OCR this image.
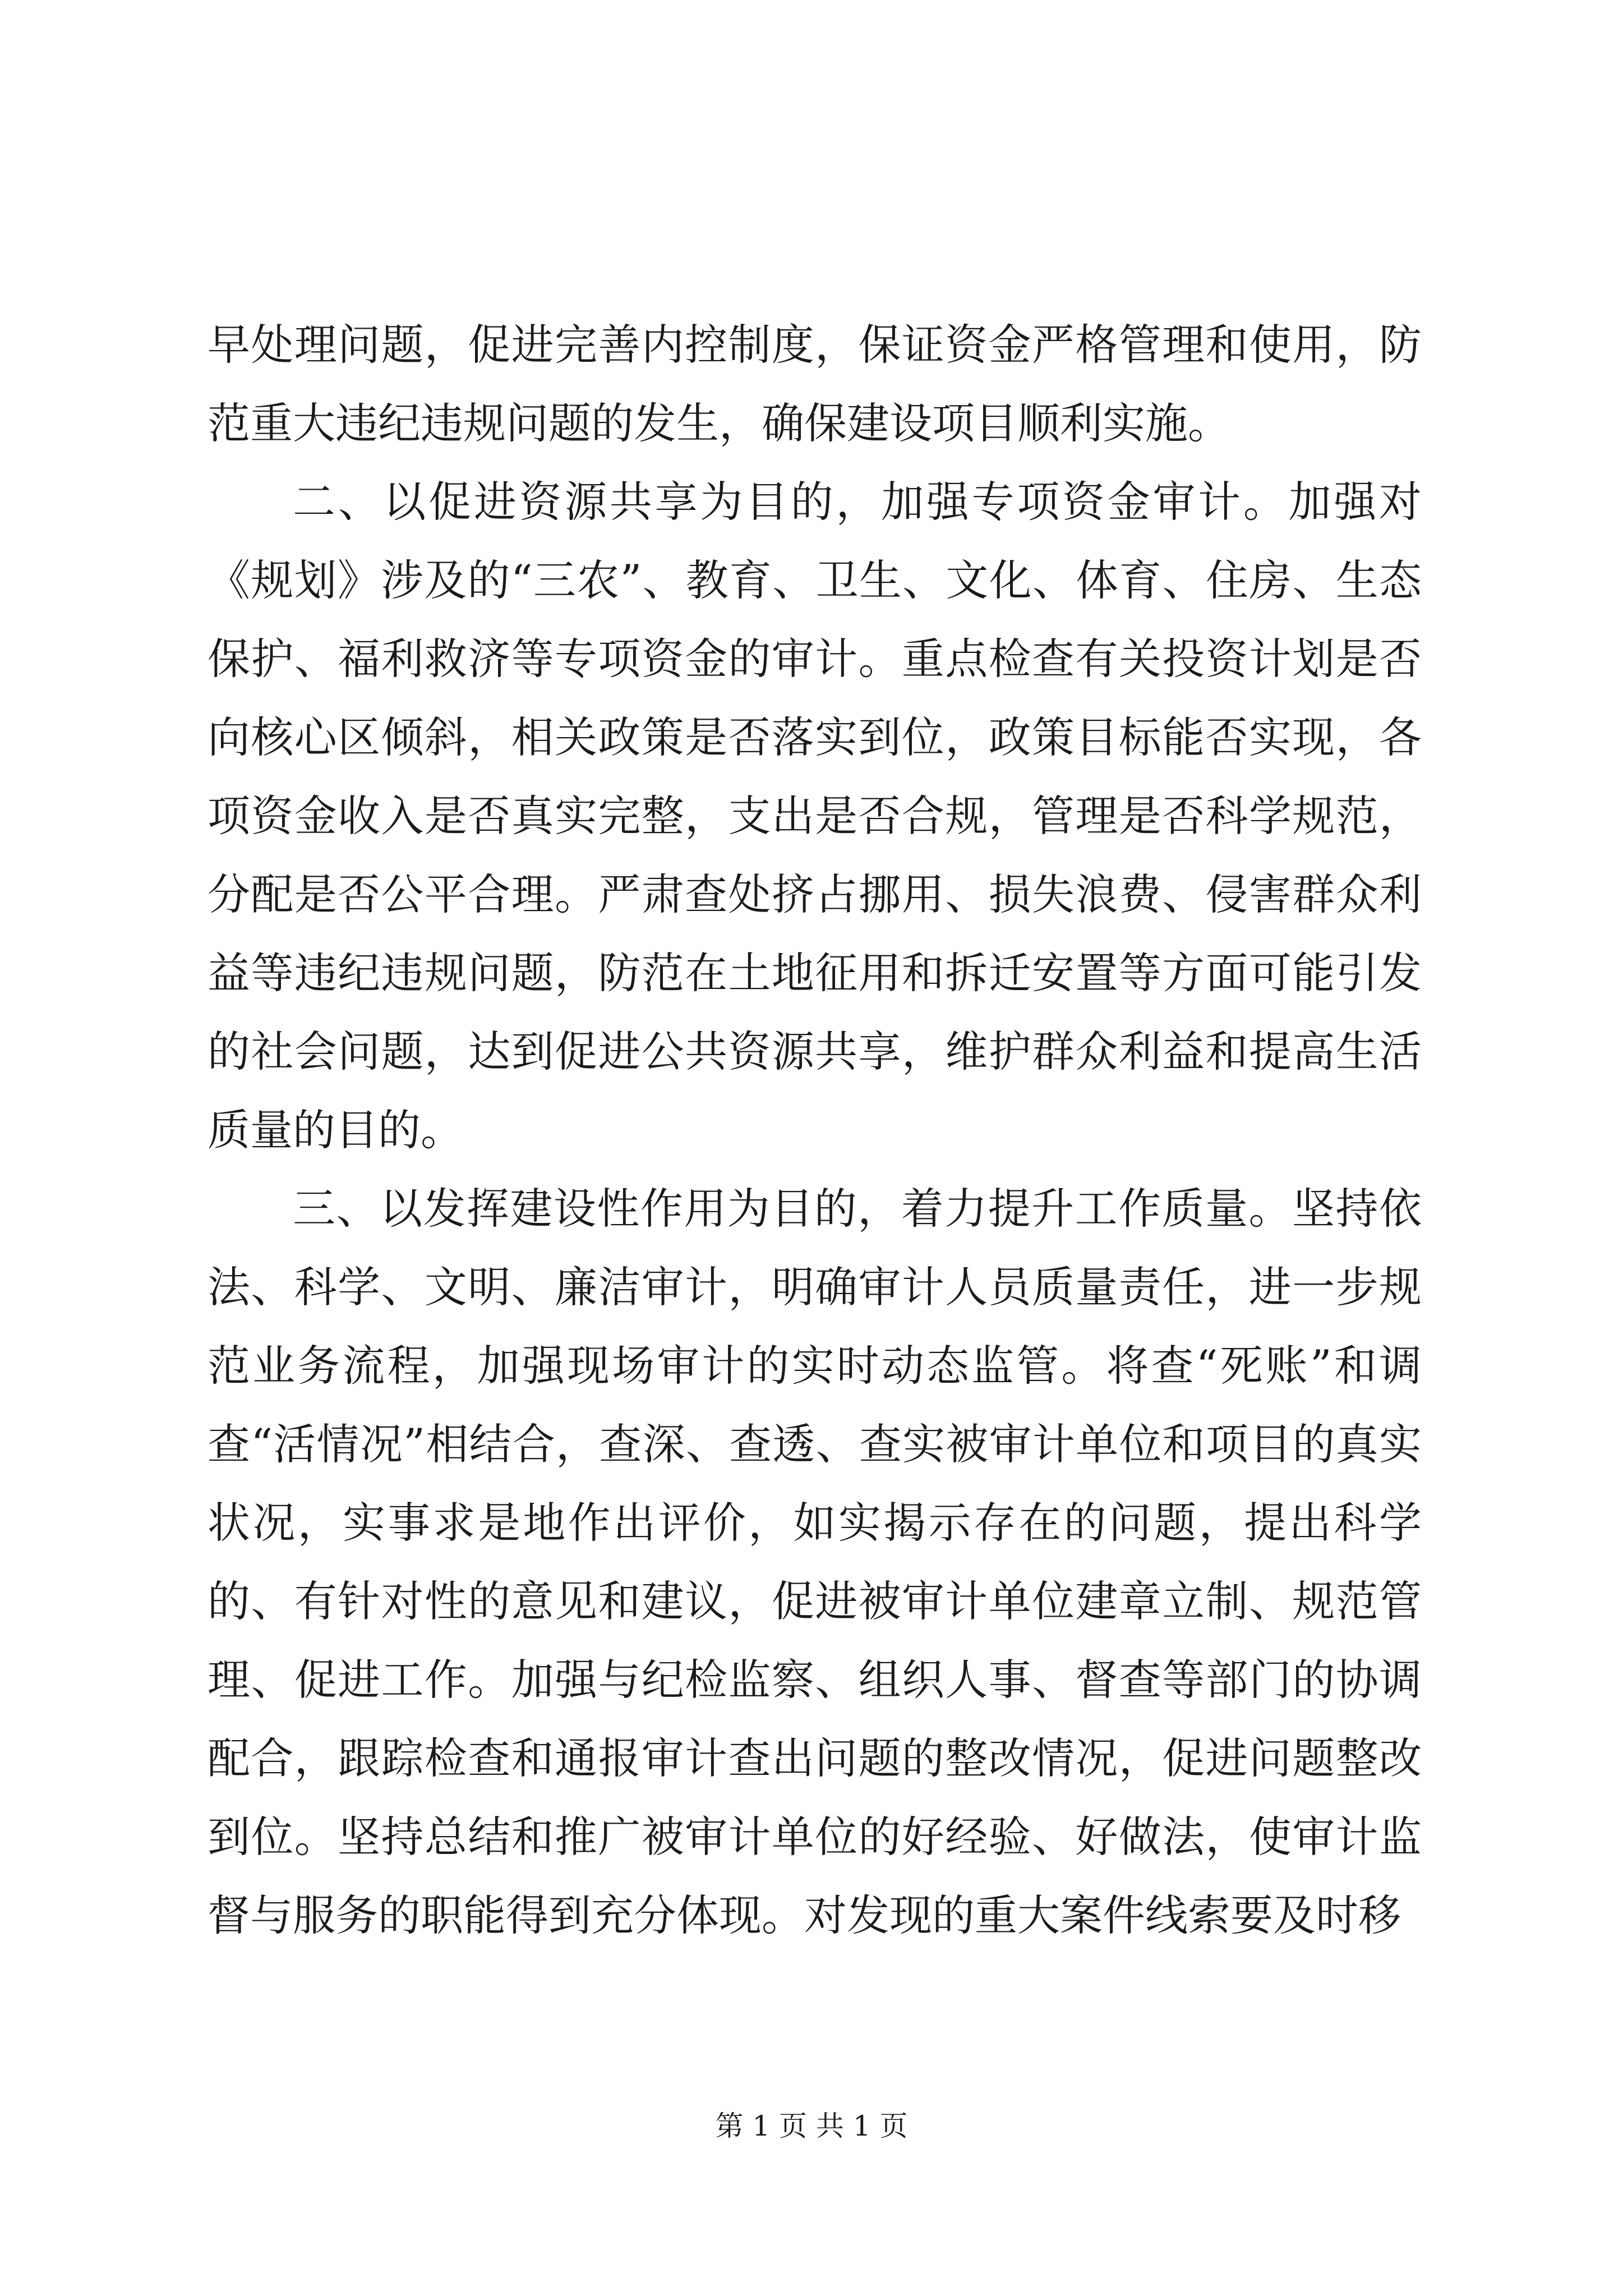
早处理问题，促进完善内控制度，保证资金严格管理和使用，防范重大违纪违规问题的发生，确保建设项目顺利实施。

二、以促进资源共享为目的，加强专项资金审计。加强对《规划》涉及的“三农”、教育、卫生、文化、体育、住房、生态保护、福利救济等专项资金的审计。重点检查有关投资计划是否向核心区倾斜，相关政策是否落实到位，政策目标能否实现，各项资金收入是否真实完整，支出是否合规，管理是否科学规范，分配是否公平合理。严肃查处挤占挪用、损失浪费、侵害群众利益等违纪违规问题，防范在土地征用和拆迁安置等方面可能引发的社会问题，达到促进公共资源共享，维护群众利益和提高生活质量的目的。

三、以发挥建设性作用为目的，着力提升工作质量。坚持依法、科学、文明、廉洁审计，明确审计人员质量责任，进一步规范业务流程，加强现场审计的实时动态监管。将查“死账”和调查“活情况”相结合，查深、查透、查实被审计单位和项目的真实状况，实事求是地作出评价，如实揭示存在的问题，提出科学的、有针对性的意见和建议，促进被审计单位建章立制、规范管理、促进工作。加强与纪检监察、组织人事、督查等部门的协调配合，跟踪检查和通报审计查出问题的整改情况，促进问题整改到位。坚持总结和推广被审计单位的好经验、好做法，使审计监督与服务的职能得到充分体现。对发现的重大案件线索要及时移

第 1 页 共 1 页
